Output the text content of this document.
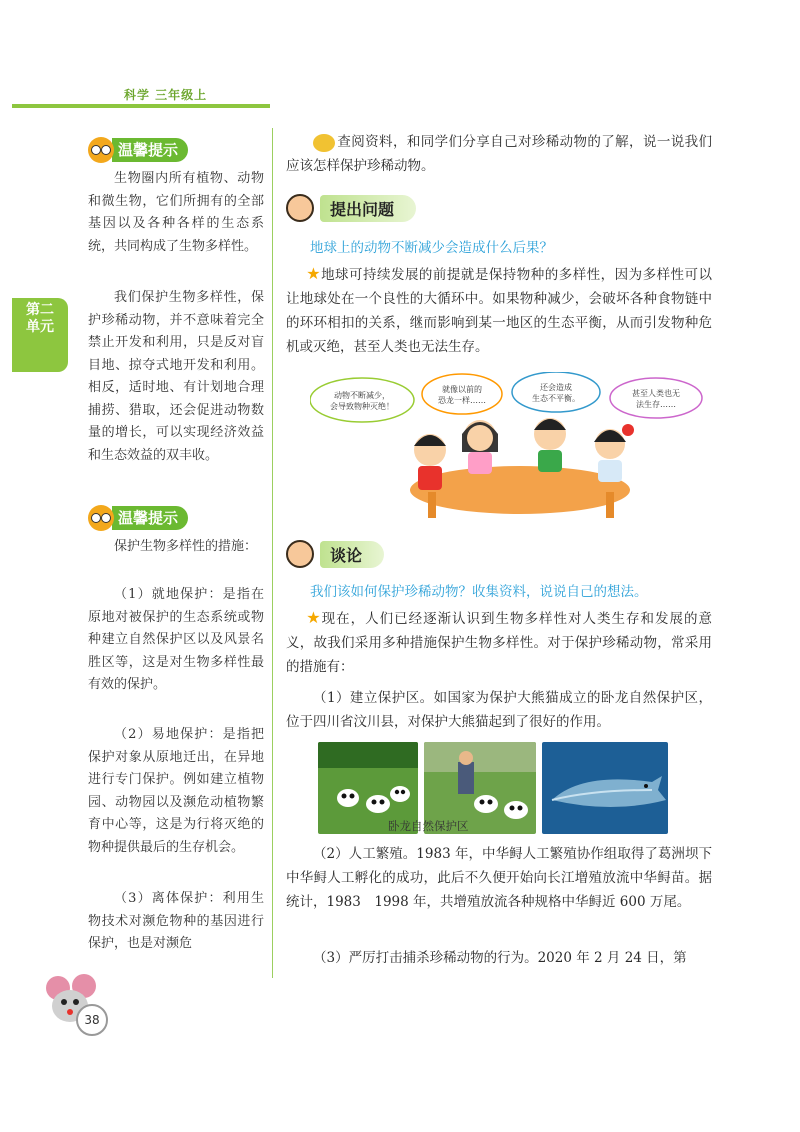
科学 三年级上
第二
单元
温馨提示

生物圈内所有植物、动物和微生物，它们所拥有的全部基因以及各种各样的生态系统，共同构成了生物多样性。

我们保护生物多样性，保护珍稀动物，并不意味着完全禁止开发和利用，只是反对盲目地、掠夺式地开发和利用。相反，适时地、有计划地合理捕捞、猎取，还会促进动物数量的增长，可以实现经济效益和生态效益的双丰收。

温馨提示

保护生物多样性的措施：

（1）就地保护：是指在原地对被保护的生态系统或物种建立自然保护区以及风景名胜区等，这是对生物多样性最有效的保护。

（2）易地保护：是指把保护对象从原地迁出，在异地进行专门保护。例如建立植物园、动物园以及濒危动植物繁育中心等，这是为行将灭绝的物种提供最后的生存机会。

（3）离体保护：利用生物技术对濒危物种的基因进行保护，也是对濒危

查阅资料，和同学们分享自己对珍稀动物的了解，说一说我们应该怎样保护珍稀动物。

提出问题
地球上的动物不断减少会造成什么后果？

★地球可持续发展的前提就是保持物种的多样性，因为多样性可以让地球处在一个良性的大循环中。如果物种减少，会破坏各种食物链中的环环相扣的关系，继而影响到某一地区的生态平衡，从而引发物种危机或灭绝，甚至人类也无法生存。

动物不断减少，
会导致物种灭绝！
就像以前的
恐龙一样……
还会造成
生态不平衡。
甚至人类也无
法生存……
谈论
我们该如何保护珍稀动物？收集资料，说说自己的想法。

★现在，人们已经逐渐认识到生物多样性对人类生存和发展的意义，故我们采用多种措施保护生物多样性。对于保护珍稀动物，常采用的措施有：

（1）建立保护区。如国家为保护大熊猫成立的卧龙自然保护区，位于四川省汶川县，对保护大熊猫起到了很好的作用。

卧龙自然保护区

（2）人工繁殖。1983 年，中华鲟人工繁殖协作组取得了葛洲坝下中华鲟人工孵化的成功，此后不久便开始向长江增殖放流中华鲟苗。据统计，1983　1998 年，共增殖放流各种规格中华鲟近 600 万尾。

（3）严厉打击捕杀珍稀动物的行为。2020 年 2 月 24 日，第

38
